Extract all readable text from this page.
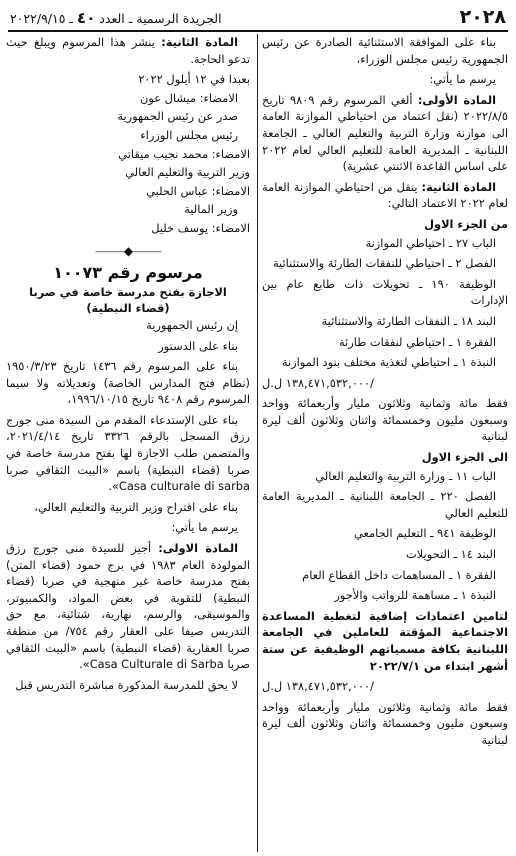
٢٠٢٨
الجريدة الرسمية ـ العدد ٤٠ ـ ٢٠٢٢/٩/١٥

بناء على الموافقة الاستثنائية الصادرة عن رئيس الجمهورية رئيس مجلس الوزراء،

يرسم ما يأتي:

المادة الأولى: ألغي المرسوم رقم ٩٨٠٩ تاريخ ٢٠٢٢/٨/٥ (نقل اعتماد من احتياطي الموازنة العامة الى موازنة وزارة التربية والتعليم العالي ـ الجامعة اللبنانية ـ المديرية العامة للتعليم العالي لعام ٢٠٢٢ على اساس القاعدة الاثنتي عشرية)

المادة الثانية: ينقل من احتياطي الموازنة العامة لعام ٢٠٢٢ الاعتماد التالي:

من الجزء الاول

الباب ٢٧ ـ احتياطي الموازنة

الفصل ٢ ـ احتياطي للنفقات الطارئة والاستثنائية

الوظيفة ١٩٠ ـ تحويلات ذات طابع عام بين الإدارات

البند ١٨ ـ النفقات الطارئة والاستثنائية

الفقرة ١ ـ احتياطي لنفقات طارئة

النبذة ١ ـ احتياطي لتغذية مختلف بنود الموازنة

١٣٨,٤٧١,٥٣٢,٠٠٠ ل.ل/

فقط مائة وثمانية وثلاثون مليار وأربعمائة وواحد وسبعون مليون وخمسمائة واثنان وثلاثون ألف ليرة لبنانية

الى الجزء الاول

الباب ١١ ـ وزارة التربية والتعليم العالي

الفصل ٢٢٠ ـ الجامعة اللبنانية ـ المديرية العامة للتعليم العالي

الوظيفة ٩٤١ ـ التعليم الجامعي

البند ١٤ ـ التحويلات

الفقرة ١ ـ المساهمات داخل القطاع العام

النبذة ١ ـ مساهمة للرواتب والأجور

لتامين اعتمادات إضافية لتغطية المساعدة الاجتماعية المؤقتة للعاملين في الجامعة اللبنانية بكافة مسمياتهم الوظيفية عن ستة أشهر ابتداء من ٢٠٢٢/٧/١

١٣٨,٤٧١,٥٣٢,٠٠٠ ل.ل/

فقط مائة وثمانية وثلاثون مليار وأربعمائة وواحد وسبعون مليون وخمسمائة واثنان وثلاثون ألف ليرة لبنانية

المادة الثانية: ينشر هذا المرسوم ويبلغ حيث تدعو الحاجة.

بعبدا في ١٢ أيلول ٢٠٢٢

الامضاء: ميشال عون

صدر عن رئيس الجمهورية

رئيس مجلس الوزراء

الامضاء: محمد نجيب ميقاتي

وزير التربية والتعليم العالي

الامضاء: عباس الحلبي

وزير المالية

الامضاء: يوسف خليل

⸻◆⸻

مرسوم رقم ١٠٠٧٣

الاجازة بفتح مدرسة خاصة في صربا

(قضاء النبطية)

إن رئيس الجمهورية

بناء على الدستور

بناء على المرسوم رقم ١٤٣٦ تاريخ ١٩٥٠/٣/٢٣ (نظام فتح المدارس الخاصة) وتعديلاته ولا سيما المرسوم رقم ٩٤٠٨ تاريخ ١٩٩٦/١٠/١٥،

بناء على الإستدعاء المقدم من السيدة منى جورج رزق المسجل بالرقم ٣٣٢٦ تاريخ ٢٠٢١/٤/١٤، والمتضمن طلب الاجازة لها بفتح مدرسة خاصة في صربا (قضاء النبطية) باسم «البيت الثقافي صربا Casa culturale di sarba».

بناء على اقتراح وزير التربية والتعليم العالي،

يرسم ما يأتي:

المادة الاولى: أجيز للسيدة منى جورج رزق المولودة العام ١٩٨٣ في برج حمود (قضاء المتن) بفتح مدرسة خاصة غير منهجية في صربا (قضاء النبطية) للتقوية في بعض المواد، والكمبيوتر، والموسيقى، والرسم، نهارية، شتائية، مع حق التدريس صيفا على العقار رقم ٧٥٤/ من منطقة صربا العقارية (قضاء النبطية) باسم «البيت الثقافي صربا Casa Culturale di Sarba».

لا يحق للمدرسة المذكورة مباشرة التدريس قبل
